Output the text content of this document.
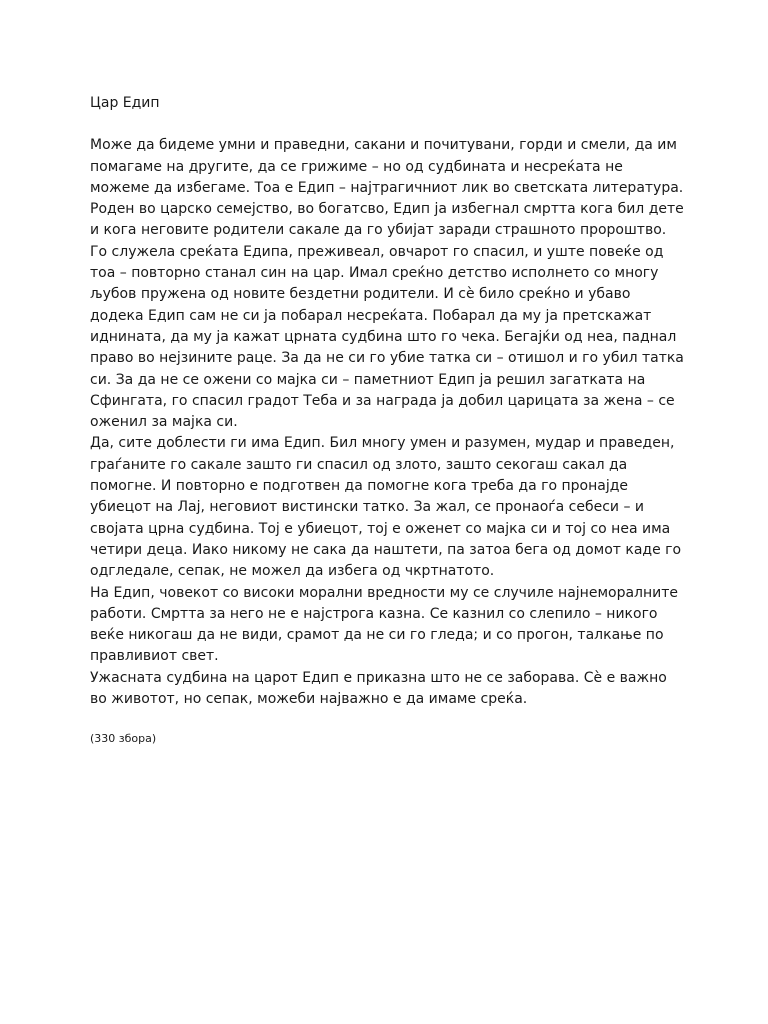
Цар Едип

Може да бидеме умни и праведни, сакани и почитувани, горди и смели, да им помагаме на другите, да се грижиме – но од судбината и несреќата не можеме да избегаме. Тоа е Едип – најтрагичниот лик во светската литература.

Роден во царско семејство, во богатсво, Едип ја избегнал смртта кога бил дете и кога неговите родители сакале да го убијат заради страшното пророштво. Го служела среќата Едипа, преживеал, овчарот го спасил, и уште повеќе од тоа – повторно станал син на цар. Имал среќно детство исполнето со многу љубов пружена од новите бездетни родители. И сѐ било среќно и убаво додека Едип сам не си ја побарал несреќата. Побарал да му ја претскажат иднината, да му ја кажат црната судбина што го чека. Бегајќи од неа, паднал право во нејзините раце. За да не си го убие татка си – отишол и го убил татка си. За да не се ожени со мајка си – паметниот Едип ја решил загатката на Сфингата, го спасил градот Теба и за награда ја добил царицата за жена – се оженил за мајка си.

Да, сите доблести ги има Едип. Бил многу умен и разумен, мудар и праведен, граѓаните го сакале зашто ги спасил од злото, зашто секогаш сакал да помогне. И повторно е подготвен да помогне кога треба да го пронајде убиецот на Лај, неговиот вистински татко. За жал, се пронаоѓа себеси – и својата црна судбина. Тој е убиецот, тој е оженет со мајка си и тој со неа има четири деца. Иако никому не сака да наштети, па затоа бега од домот каде го одгледале, сепак, не можел да избега од чкртнатото.

На Едип, човекот со високи морални вредности му се случиле најнеморалните работи. Смртта за него не е најстрога казна. Се казнил со слепило – никого веќе никогаш да не види, срамот да не си го гледа; и со прогон, талкање по правливиот свет.

Ужасната судбина на царот Едип е приказна што не се заборава. Сѐ е важно во животот, но сепак, можеби најважно е да имаме среќа.

(330 збора)
